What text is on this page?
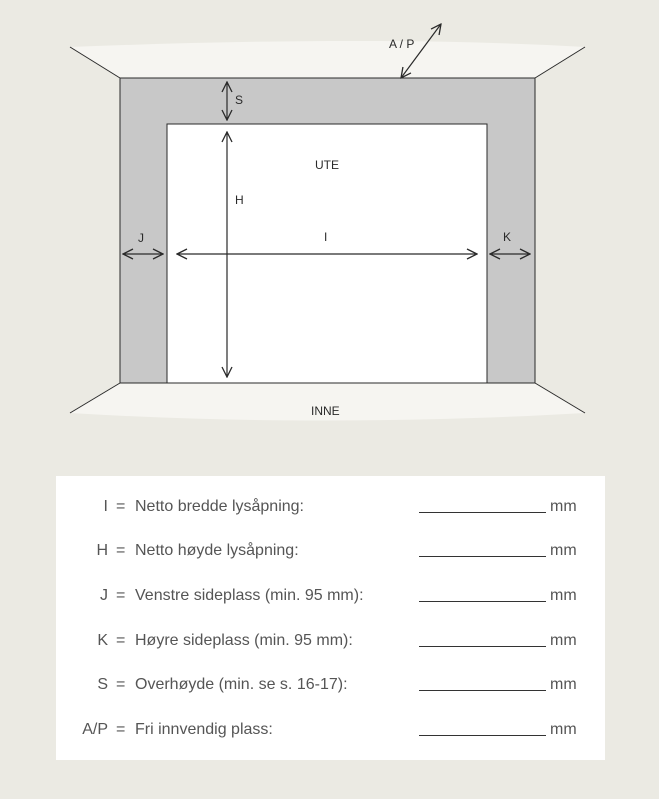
A / P
S
H
UTE
I
J	K
INNE
I = Netto bredde lysåpning:	mm
H = Netto høyde lysåpning:	mm
J = Venstre sideplass (min. 95 mm):	mm
K = Høyre sideplass (min. 95 mm):	mm
S = Overhøyde (min. se s. 16-17):	mm
A/P = Fri innvendig plass:	mm
